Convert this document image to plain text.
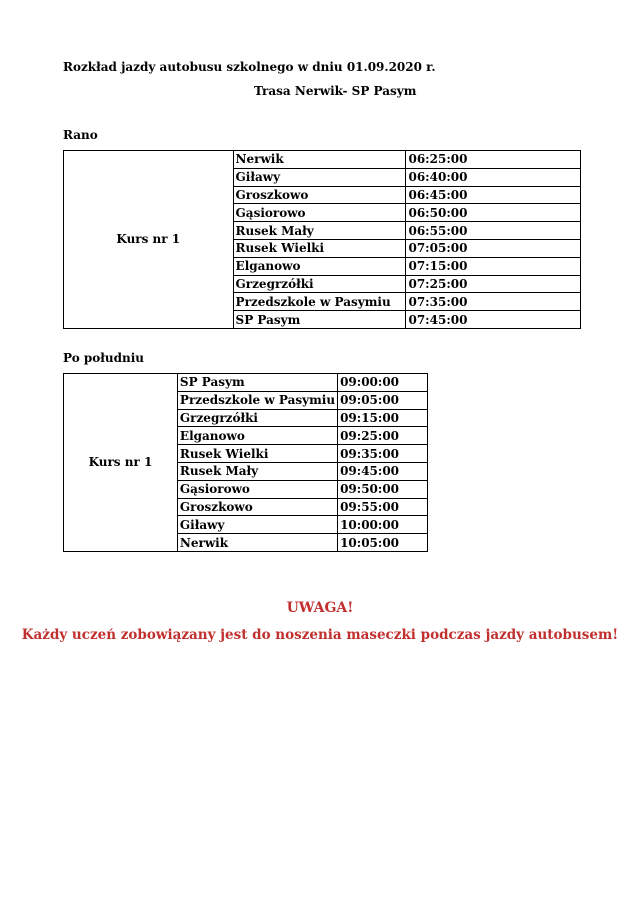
Rozkład jazdy autobusu szkolnego w dniu 01.09.2020 r.
Trasa Nerwik- SP Pasym
Rano
Kurs nr 1	Nerwik	06:25:00
	Giławy	06:40:00
	Groszkowo	06:45:00
	Gąsiorowo	06:50:00
	Rusek Mały	06:55:00
	Rusek Wielki	07:05:00
	Elganowo	07:15:00
	Grzegrzółki	07:25:00
	Przedszkole w Pasymiu	07:35:00
	SP Pasym	07:45:00
Po południu
Kurs nr 1	SP Pasym	09:00:00
	Przedszkole w Pasymiu	09:05:00
	Grzegrzółki	09:15:00
	Elganowo	09:25:00
	Rusek Wielki	09:35:00
	Rusek Mały	09:45:00
	Gąsiorowo	09:50:00
	Groszkowo	09:55:00
	Giławy	10:00:00
	Nerwik	10:05:00
UWAGA!
Każdy uczeń zobowiązany jest do noszenia maseczki podczas jazdy autobusem!
